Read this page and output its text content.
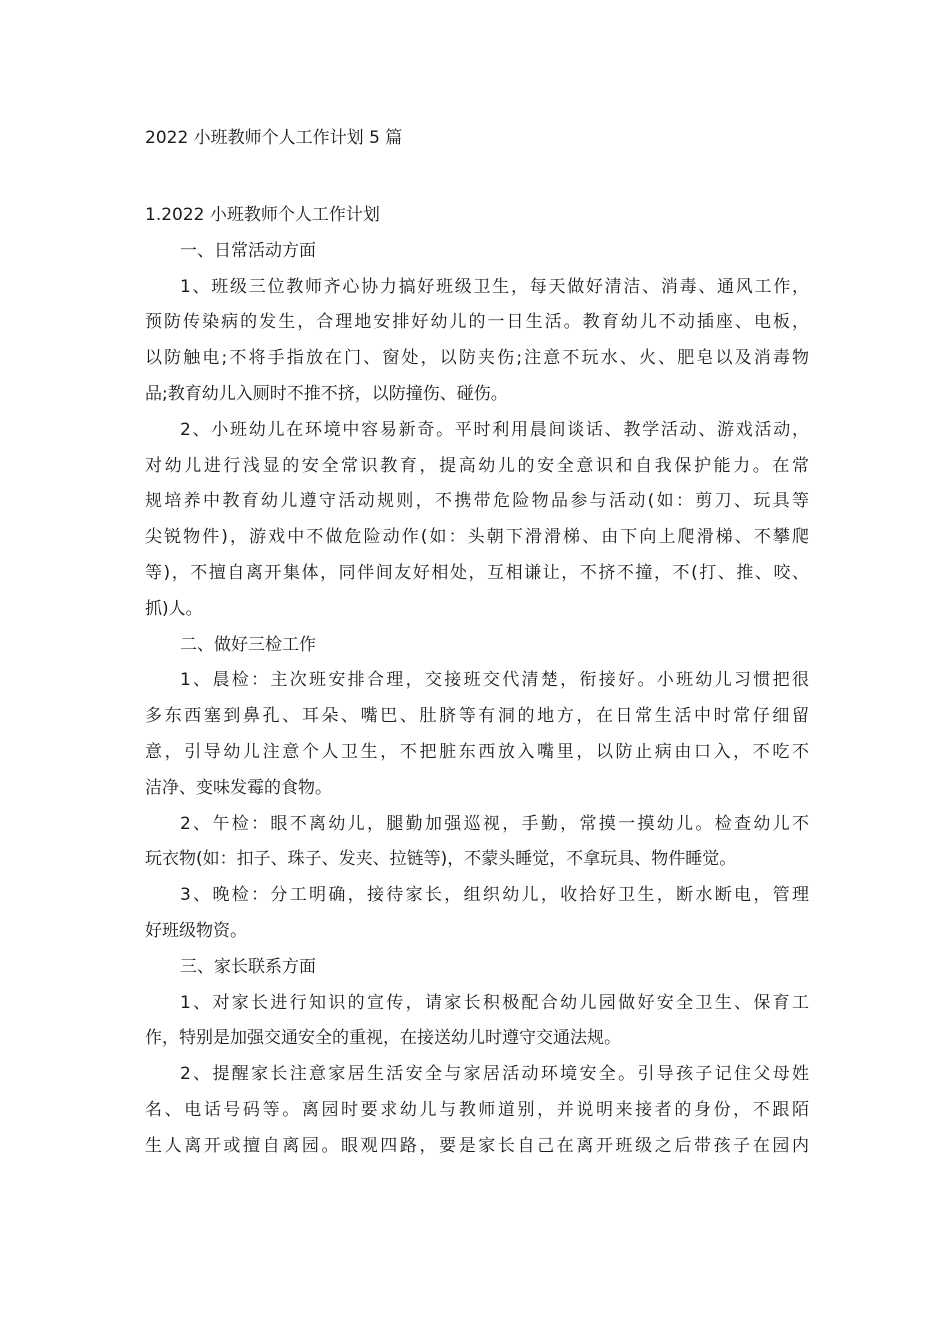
2022 小班教师个人工作计划 5 篇
1.2022 小班教师个人工作计划
一、日常活动方面
1、班级三位教师齐心协力搞好班级卫生，每天做好清洁、消毒、通风工作，
预防传染病的发生，合理地安排好幼儿的一日生活。教育幼儿不动插座、电板，
以防触电;不将手指放在门、窗处，以防夹伤;注意不玩水、火、肥皂以及消毒物
品;教育幼儿入厕时不推不挤，以防撞伤、碰伤。
2、小班幼儿在环境中容易新奇。平时利用晨间谈话、教学活动、游戏活动，
对幼儿进行浅显的安全常识教育，提高幼儿的安全意识和自我保护能力。在常
规培养中教育幼儿遵守活动规则，不携带危险物品参与活动(如：剪刀、玩具等
尖锐物件)，游戏中不做危险动作(如：头朝下滑滑梯、由下向上爬滑梯、不攀爬
等)，不擅自离开集体，同伴间友好相处，互相谦让，不挤不撞，不(打、推、咬、
抓)人。
二、做好三检工作
1、晨检：主次班安排合理，交接班交代清楚，衔接好。小班幼儿习惯把很
多东西塞到鼻孔、耳朵、嘴巴、肚脐等有洞的地方，在日常生活中时常仔细留
意，引导幼儿注意个人卫生，不把脏东西放入嘴里，以防止病由口入，不吃不
洁净、变味发霉的食物。
2、午检：眼不离幼儿，腿勤加强巡视，手勤，常摸一摸幼儿。检查幼儿不
玩衣物(如：扣子、珠子、发夹、拉链等)，不蒙头睡觉，不拿玩具、物件睡觉。
3、晚检：分工明确，接待家长，组织幼儿，收拾好卫生，断水断电，管理
好班级物资。
三、家长联系方面
1、对家长进行知识的宣传，请家长积极配合幼儿园做好安全卫生、保育工
作，特别是加强交通安全的重视，在接送幼儿时遵守交通法规。
2、提醒家长注意家居生活安全与家居活动环境安全。引导孩子记住父母姓
名、电话号码等。离园时要求幼儿与教师道别，并说明来接者的身份，不跟陌
生人离开或擅自离园。眼观四路，要是家长自己在离开班级之后带孩子在园内
